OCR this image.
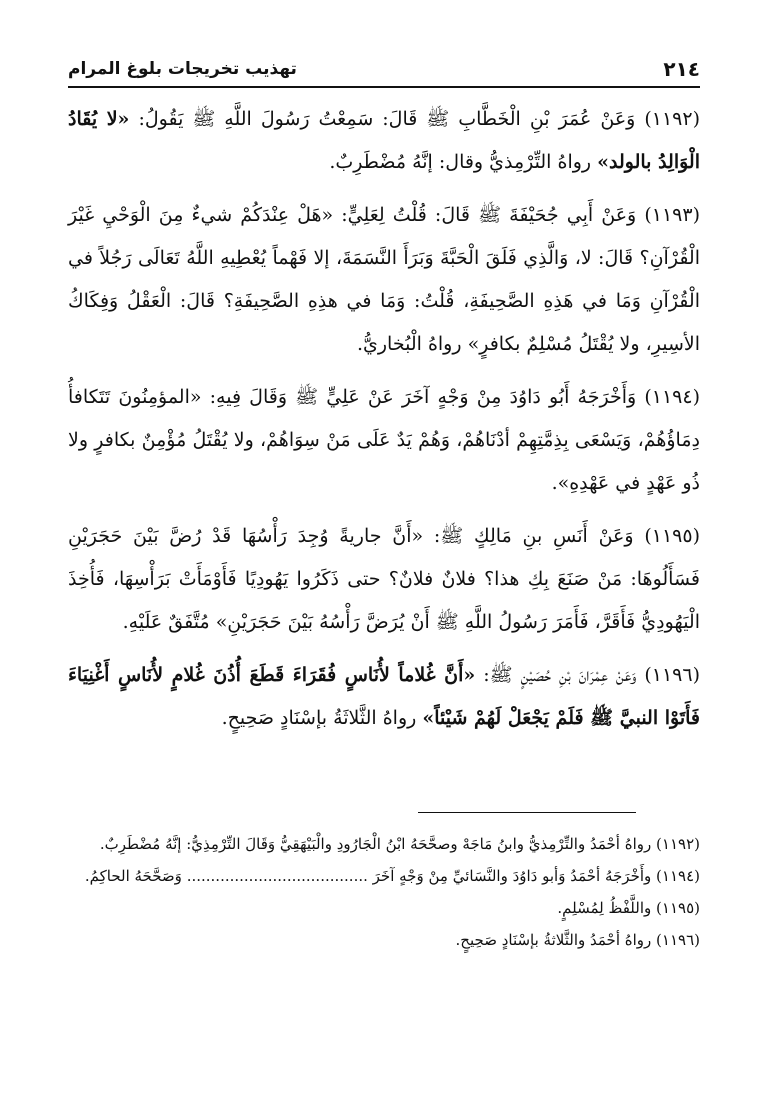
٢١٤
تهذيب تخريجات بلوغ المرام

(١١٩٢) وَعَنْ عُمَرَ بْنِ الْخَطَّابِ ﷺ قَالَ: سَمِعْتُ رَسُولَ اللَّهِ ﷺ يَقُولُ: «لا يُقَادُ الْوَالِدُ بالولد» رواهُ التِّرْمِذيُّ وقال: إنَّهُ مُضْطَرِبٌ.

(١١٩٣) وَعَنْ أَبِي جُحَيْفَةَ ﷺ قَالَ: قُلْتُ لِعَلِيٍّ: «هَلْ عِنْدَكُمْ شيءٌ مِنَ الْوَحْيِ غَيْرَ الْقُرْآنِ؟ قَالَ: لا، وَالَّذِي فَلَقَ الْحَبَّةَ وَبَرَأَ النَّسَمَةَ، إلا فَهْماً يُعْطِيهِ اللَّهُ تَعَالَى رَجُلاً في الْقُرْآنِ وَمَا في هَذِهِ الصَّحِيفَةِ، قُلْتُ: وَمَا في هذِهِ الصَّحِيفَةِ؟ قَالَ: الْعَقْلُ وَفِكَاكُ الأسِيرِ، ولا يُقْتَلُ مُسْلِمٌ بكافرٍ» رواهُ الْبُخاريُّ.

(١١٩٤) وَأَخْرَجَهُ أَبُو دَاوُدَ مِنْ وَجْهٍ آخَرَ عَنْ عَلِيٍّ ﷺ وَقَالَ فِيهِ: «المؤمِنُونَ تَتَكافأُ دِمَاؤُهُمْ، وَيَسْعَى بِذِمَّتِهِمْ أدْنَاهُمْ، وَهُمْ يَدٌ عَلَى مَنْ سِوَاهُمْ، ولا يُقْتَلُ مُؤْمِنٌ بكافرٍ ولا ذُو عَهْدٍ في عَهْدِهِ».

(١١٩٥) وَعَنْ أَنَسِ بنِ مَالِكٍ ﷺ: «أَنَّ جاريةً وُجِدَ رَأْسُهَا قَدْ رُضَّ بَيْنَ حَجَرَيْنِ فَسَأَلُوهَا: مَنْ صَنَعَ بِكِ هذا؟ فلانٌ فلانٌ؟ حتى ذَكَرُوا يَهُودِيًا فَأَوْمَأَتْ بَرَأْسِهَا، فَأُخِذَ الْيَهُودِيُّ فَأَقَرَّ، فَأَمَرَ رَسُولُ اللَّهِ ﷺ أَنْ يُرَضَّ رَأْسُهُ بَيْنَ حَجَرَيْنِ» مُتَّفَقٌ عَلَيْهِ.

(١١٩٦) وَعَنْ عِمْرَانَ بْنِ حُصَيْنٍ ﷺ: «أَنَّ غُلاماً لأُنَاسٍ فُقَرَاءَ قَطَعَ أُذُنَ غُلامٍ لأُنَاسٍ أَغْنِيَاءَ فَأَتَوْا النبيَّ ﷺ فَلَمْ يَجْعَلْ لَهُمْ شَيْئاً» رواهُ الثَّلاثَةُ بإسْنَادٍ صَحِيحٍ.

(١١٩٢) رواهُ أحْمَدُ والتِّرْمِذيُّ وابنُ مَاجَهْ وصحَّحَهُ ابْنُ الْجَارُودِ والْبَيْهَقِيُّ وَقَالَ التِّرْمِذِيُّ: إنَّهُ مُضْطَرِبٌ.

(١١٩٤) وأَخْرَجَهُ أحْمَدُ وَأبو دَاوُدَ والنَّسَائيِّ مِنْ وَجْهٍ آخَرَ ...................................... وَصَحَّحَهُ الحاكِمُ.

(١١٩٥) واللَّفْظُ لِمُسْلِمٍ.

(١١٩٦) رواهُ أحْمَدُ والثَّلاثةُ بإسْنَادٍ صَحِيحٍ.
